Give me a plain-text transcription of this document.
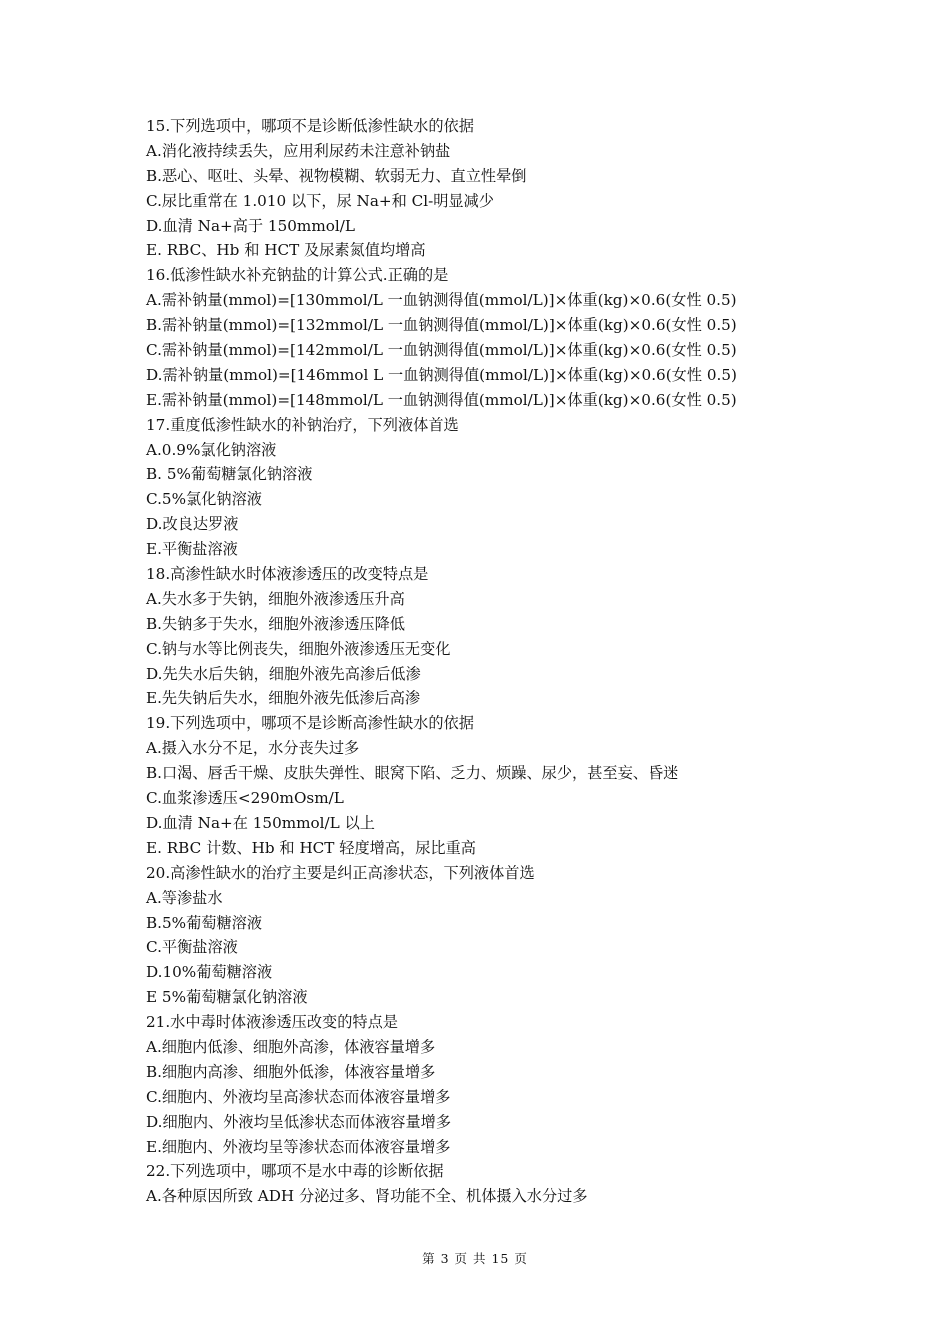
15.下列选项中，哪项不是诊断低渗性缺水的依据
A.消化液持续丢失，应用利尿药未注意补钠盐
B.恶心、呕吐、头晕、视物模糊、软弱无力、直立性晕倒
C.尿比重常在 1.010 以下，尿 Na+和 Cl-明显减少
D.血清 Na+高于 150mmol/L
E. RBC、Hb 和 HCT 及尿素氮值均增高
16.低渗性缺水补充钠盐的计算公式.正确的是
A.需补钠量(mmol)=[130mmol/L 一血钠测得值(mmol/L)]×体重(kg)×0.6(女性 0.5)
B.需补钠量(mmol)=[132mmol/L 一血钠测得值(mmol/L)]×体重(kg)×0.6(女性 0.5)
C.需补钠量(mmol)=[142mmol/L 一血钠测得值(mmol/L)]×体重(kg)×0.6(女性 0.5)
D.需补钠量(mmol)=[146mmol L 一血钠测得值(mmol/L)]×体重(kg)×0.6(女性 0.5)
E.需补钠量(mmol)=[148mmol/L 一血钠测得值(mmol/L)]×体重(kg)×0.6(女性 0.5)
17.重度低渗性缺水的补钠治疗，下列液体首选
A.0.9%氯化钠溶液
B. 5%葡萄糖氯化钠溶液
C.5%氯化钠溶液
D.改良达罗液
E.平衡盐溶液
18.高渗性缺水时体液渗透压的改变特点是
A.失水多于失钠，细胞外液渗透压升高
B.失钠多于失水，细胞外液渗透压降低
C.钠与水等比例丧失，细胞外液渗透压无变化
D.先失水后失钠，细胞外液先高渗后低渗
E.先失钠后失水，细胞外液先低渗后高渗
19.下列选项中，哪项不是诊断高渗性缺水的依据
A.摄入水分不足，水分丧失过多
B.口渴、唇舌干燥、皮肤失弹性、眼窝下陷、乏力、烦躁、尿少，甚至妄、昏迷
C.血浆渗透压<290mOsm/L
D.血清 Na+在 150mmol/L 以上
E. RBC 计数、Hb 和 HCT 轻度增高，尿比重高
20.高渗性缺水的治疗主要是纠正高渗状态，下列液体首选
A.等渗盐水
B.5%葡萄糖溶液
C.平衡盐溶液
D.10%葡萄糖溶液
E 5%葡萄糖氯化钠溶液
21.水中毒时体液渗透压改变的特点是
A.细胞内低渗、细胞外高渗，体液容量增多
B.细胞内高渗、细胞外低渗，体液容量增多
C.细胞内、外液均呈高渗状态而体液容量增多
D.细胞内、外液均呈低渗状态而体液容量增多
E.细胞内、外液均呈等渗状态而体液容量增多
22.下列选项中，哪项不是水中毒的诊断依据
A.各种原因所致 ADH 分泌过多、肾功能不全、机体摄入水分过多
第 3 页 共 15 页
